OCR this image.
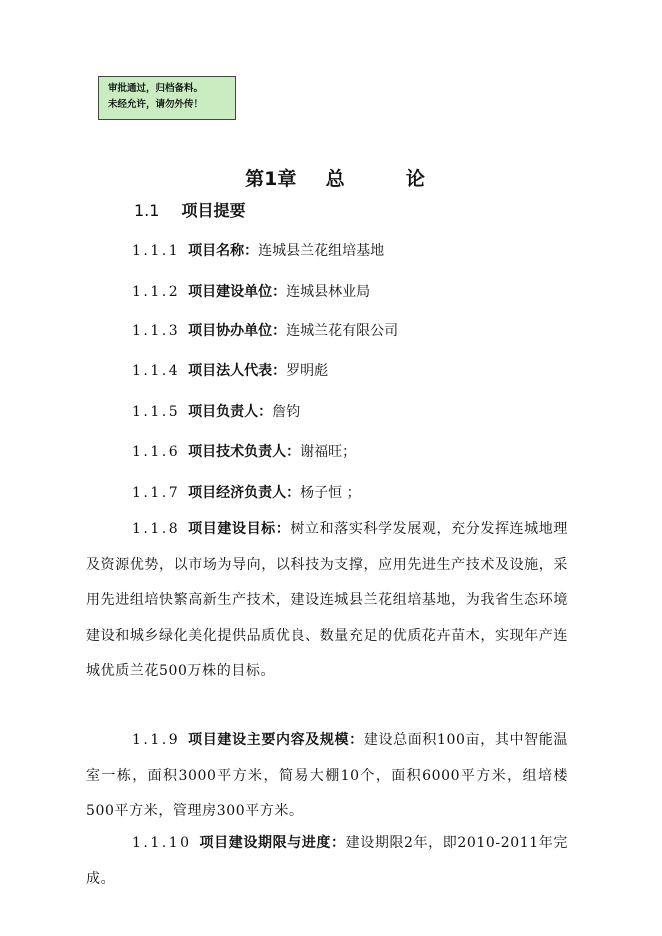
审批通过，归档备料。
未经允许，请勿外传！
第1章 总	论
1.1 项目提要
1.1.1 项目名称：连城县兰花组培基地
1.1.2 项目建设单位：连城县林业局
1.1.3 项目协办单位：连城兰花有限公司
1.1.4 项目法人代表：罗明彪
1.1.5 项目负责人：詹钧
1.1.6 项目技术负责人：谢福旺；
1.1.7 项目经济负责人：杨子恒 ；
1.1.8 项目建设目标：树立和落实科学发展观，充分发挥连城地理及资源优势，以市场为导向，以科技为支撑，应用先进生产技术及设施，采用先进组培快繁高新生产技术，建设连城县兰花组培基地，为我省生态环境建设和城乡绿化美化提供品质优良、数量充足的优质花卉苗木，实现年产连城优质兰花500万株的目标。
1.1.9 项目建设主要内容及规模：建设总面积100亩，其中智能温室一栋，面积3000平方米，简易大棚10个，面积6000平方米，组培楼500平方米，管理房300平方米。
1.1.10 项目建设期限与进度：建设期限2年，即2010-2011年完成。
